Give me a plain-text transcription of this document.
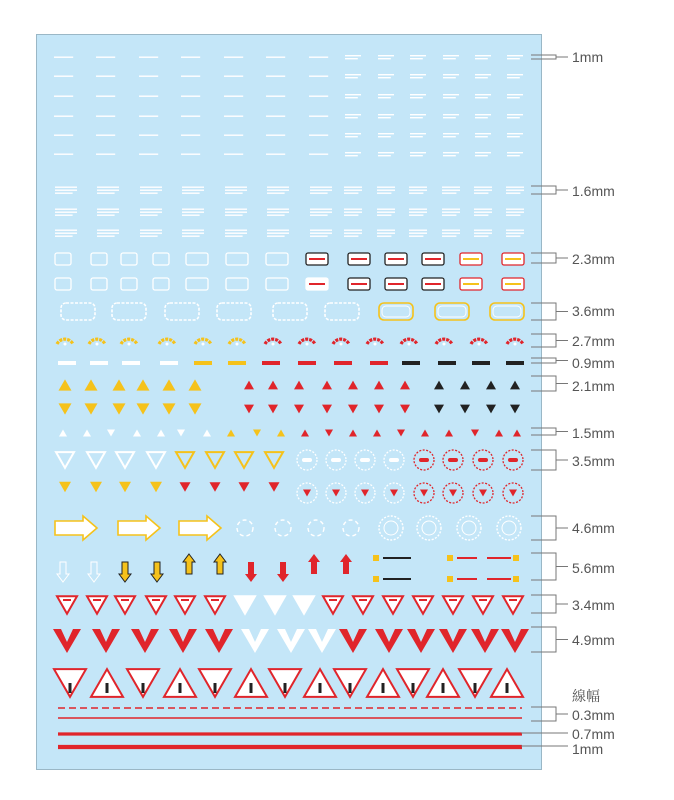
1mm
1.6mm
2.3mm
3.6mm
2.7mm
0.9mm
2.1mm
1.5mm
3.5mm
4.6mm
5.6mm
3.4mm
4.9mm
線幅
0.3mm
0.7mm
1mm
